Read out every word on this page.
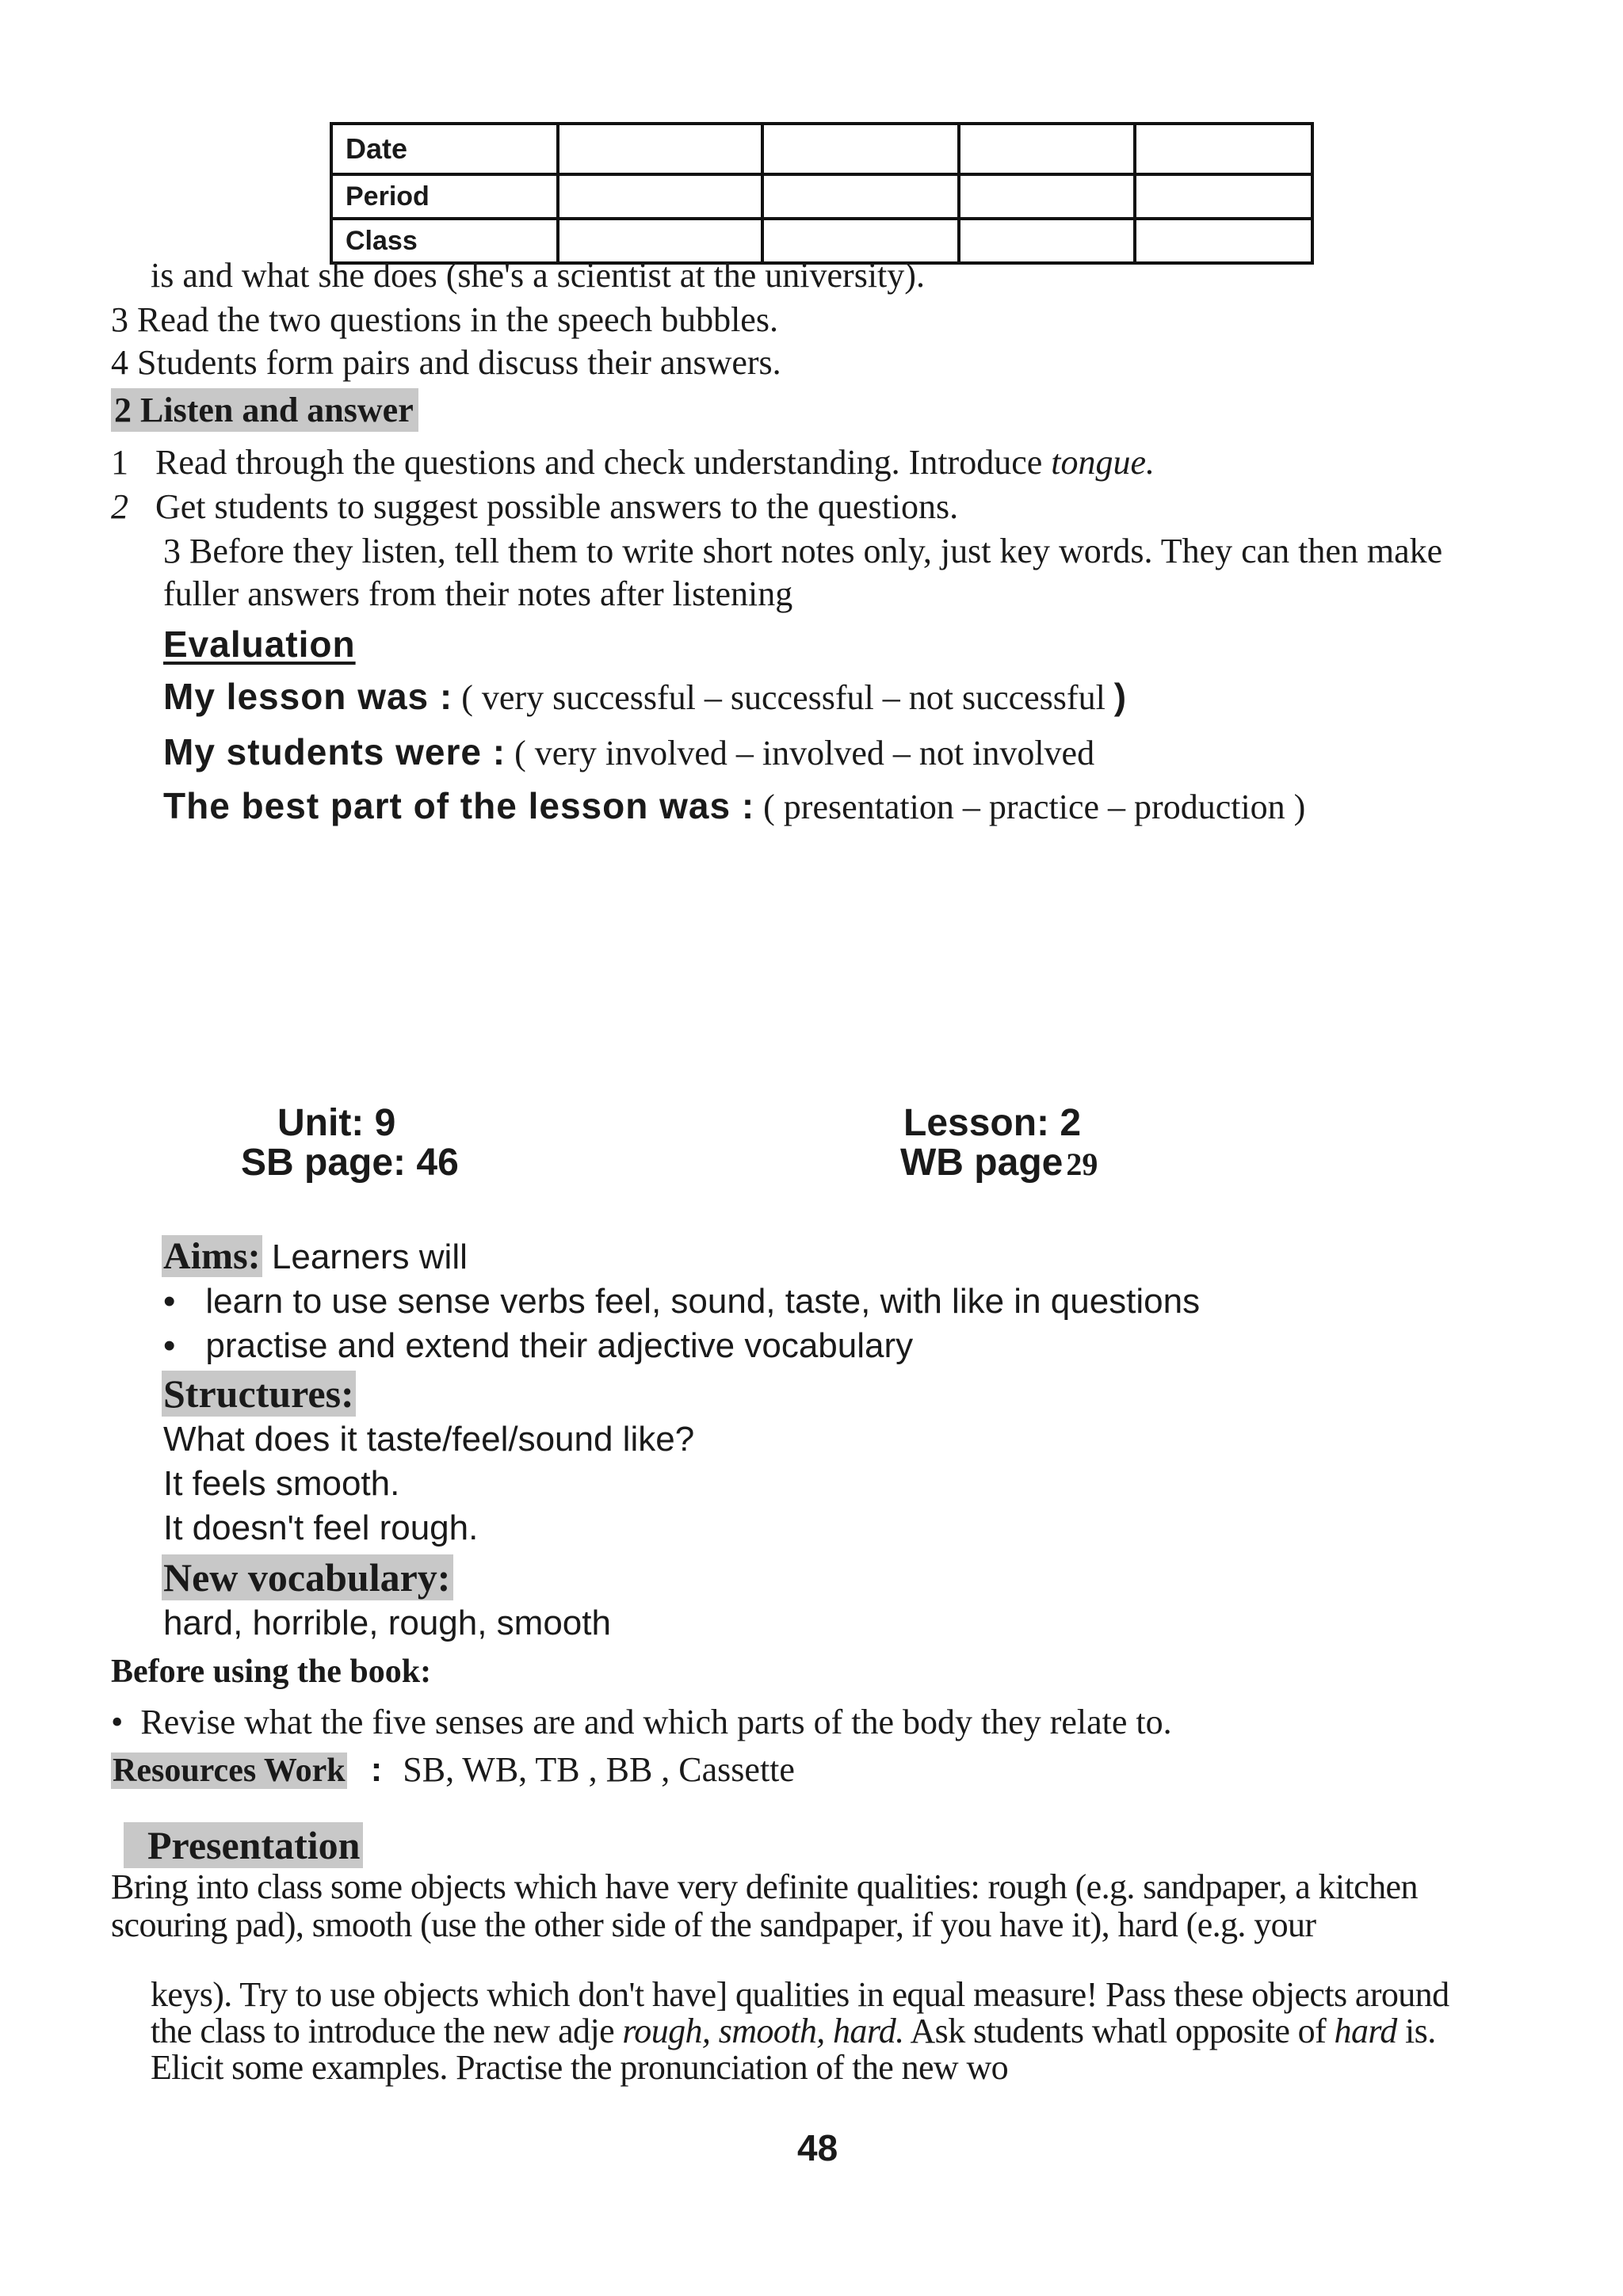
Date				
Period				
Class				
is and what she does (she's a scientist at the university).
3 Read the two questions in the speech bubbles.
4 Students form pairs and discuss their answers.
2 Listen and answer
1 Read through the questions and check understanding. Introduce tongue.
2 Get students to suggest possible answers to the questions.
3 Before they listen, tell them to write short notes only, just key words. They can then make
fuller answers from their notes after listening
Evaluation
My lesson was : ( very successful – successful – not successful )
My students were : ( very involved – involved – not involved
The best part of the lesson was : ( presentation – practice – production )
Unit: 9
SB page: 46
Lesson: 2
WB page 29
Aims: Learners will
• learn to use sense verbs feel, sound, taste, with like in questions
• practise and extend their adjective vocabulary
Structures:
What does it taste/feel/sound like?
It feels smooth.
It doesn't feel rough.
New vocabulary:
hard, horrible, rough, smooth
Before using the book:
• Revise what the five senses are and which parts of the body they relate to.
Resources Work : SB, WB, TB , BB , Cassette
Presentation
Bring into class some objects which have very definite qualities: rough (e.g. sandpaper, a kitchen
scouring pad), smooth (use the other side of the sandpaper, if you have it), hard (e.g. your
keys). Try to use objects which don't have] qualities in equal measure! Pass these objects around
the class to introduce the new adje rough, smooth, hard. Ask students whatl opposite of hard is.
Elicit some examples. Practise the pronunciation of the new wo
48
